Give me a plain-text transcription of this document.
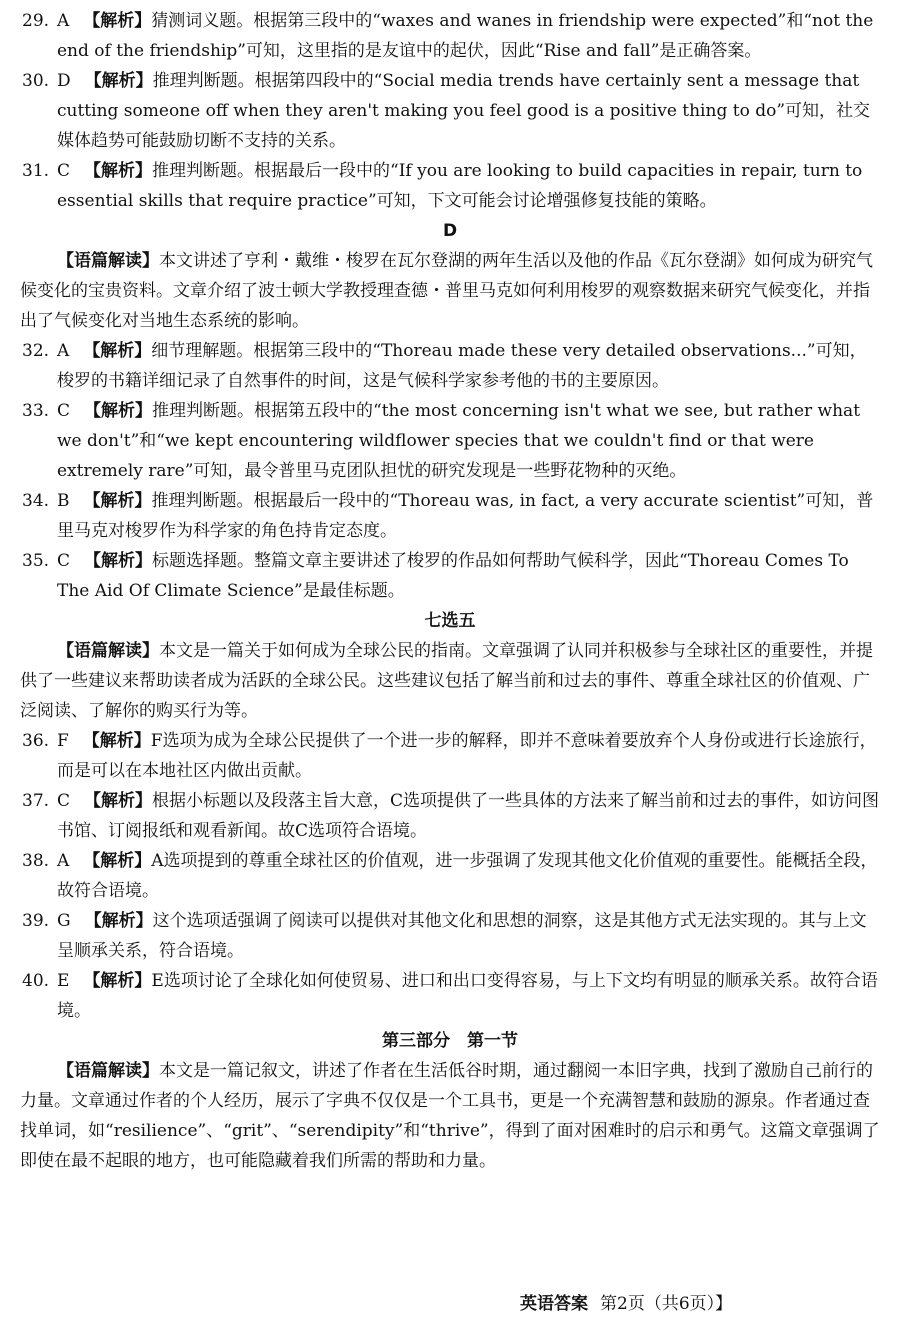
29. A 【解析】猜测词义题。根据第三段中的“waxes and wanes in friendship were expected”和“not the end of the friendship”可知，这里指的是友谊中的起伏，因此“Rise and fall”是正确答案。

30. D 【解析】推理判断题。根据第四段中的“Social media trends have certainly sent a message that cutting someone off when they aren't making you feel good is a positive thing to do”可知，社交媒体趋势可能鼓励切断不支持的关系。

31. C 【解析】推理判断题。根据最后一段中的“If you are looking to build capacities in repair, turn to essential skills that require practice”可知，下文可能会讨论增强修复技能的策略。

D

【语篇解读】本文讲述了亨利・戴维・梭罗在瓦尔登湖的两年生活以及他的作品《瓦尔登湖》如何成为研究气候变化的宝贵资料。文章介绍了波士顿大学教授理查德・普里马克如何利用梭罗的观察数据来研究气候变化，并指出了气候变化对当地生态系统的影响。

32. A 【解析】细节理解题。根据第三段中的“Thoreau made these very detailed observations...”可知，梭罗的书籍详细记录了自然事件的时间，这是气候科学家参考他的书的主要原因。

33. C 【解析】推理判断题。根据第五段中的“the most concerning isn't what we see, but rather what we don't”和“we kept encountering wildflower species that we couldn't find or that were extremely rare”可知，最令普里马克团队担忧的研究发现是一些野花物种的灭绝。

34. B 【解析】推理判断题。根据最后一段中的“Thoreau was, in fact, a very accurate scientist”可知，普里马克对梭罗作为科学家的角色持肯定态度。

35. C 【解析】标题选择题。整篇文章主要讲述了梭罗的作品如何帮助气候科学，因此“Thoreau Comes To The Aid Of Climate Science”是最佳标题。

七选五

【语篇解读】本文是一篇关于如何成为全球公民的指南。文章强调了认同并积极参与全球社区的重要性，并提供了一些建议来帮助读者成为活跃的全球公民。这些建议包括了解当前和过去的事件、尊重全球社区的价值观、广泛阅读、了解你的购买行为等。

36. F 【解析】F选项为成为全球公民提供了一个进一步的解释，即并不意味着要放弃个人身份或进行长途旅行，而是可以在本地社区内做出贡献。

37. C 【解析】根据小标题以及段落主旨大意，C选项提供了一些具体的方法来了解当前和过去的事件，如访问图书馆、订阅报纸和观看新闻。故C选项符合语境。

38. A 【解析】A选项提到的尊重全球社区的价值观，进一步强调了发现其他文化价值观的重要性。能概括全段，故符合语境。

39. G 【解析】这个选项适强调了阅读可以提供对其他文化和思想的洞察，这是其他方式无法实现的。其与上文呈顺承关系，符合语境。

40. E 【解析】E选项讨论了全球化如何使贸易、进口和出口变得容易，与上下文均有明显的顺承关系。故符合语境。

第三部分　第一节

【语篇解读】本文是一篇记叙文，讲述了作者在生活低谷时期，通过翻阅一本旧字典，找到了激励自己前行的力量。文章通过作者的个人经历，展示了字典不仅仅是一个工具书，更是一个充满智慧和鼓励的源泉。作者通过查找单词，如“resilience”、“grit”、“serendipity”和“thrive”，得到了面对困难时的启示和勇气。这篇文章强调了即使在最不起眼的地方，也可能隐藏着我们所需的帮助和力量。

英语答案 第2页（共6页）】
